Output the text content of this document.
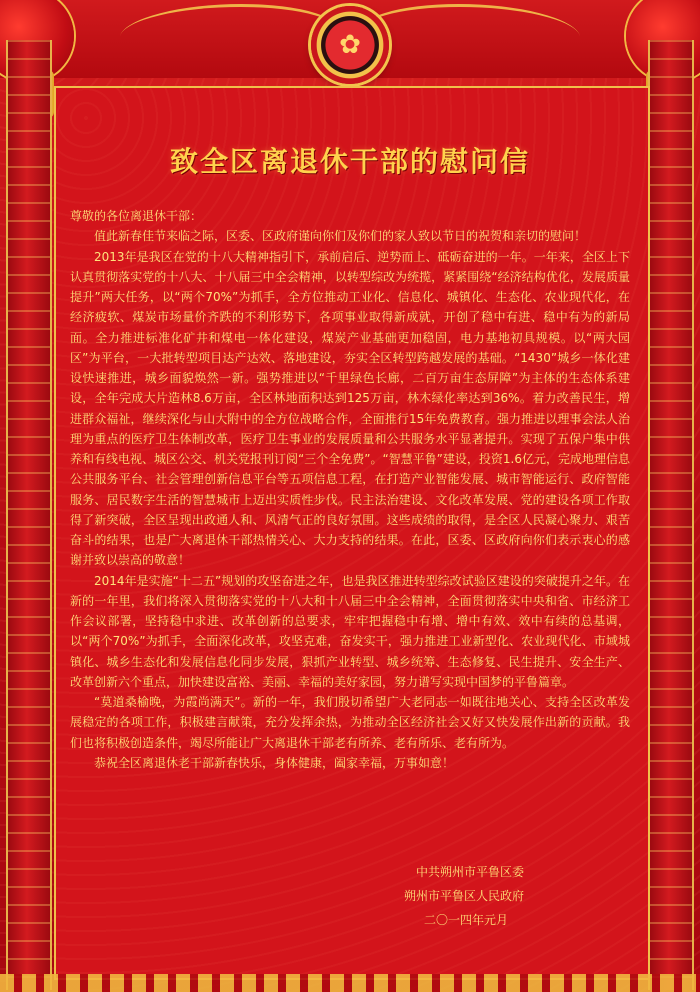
✿
致全区离退休干部的慰问信

尊敬的各位离退休干部：

值此新春佳节来临之际，区委、区政府谨向你们及你们的家人致以节日的祝贺和亲切的慰问！

2013年是我区在党的十八大精神指引下，承前启后、逆势而上、砥砺奋进的一年。一年来，全区上下认真贯彻落实党的十八大、十八届三中全会精神，以转型综改为统揽，紧紧围绕“经济结构优化，发展质量提升”两大任务，以“两个70%”为抓手，全方位推动工业化、信息化、城镇化、生态化、农业现代化，在经济疲软、煤炭市场量价齐跌的不利形势下，各项事业取得新成就，开创了稳中有进、稳中有为的新局面。全力推进标准化矿井和煤电一体化建设，煤炭产业基础更加稳固，电力基地初具规模。以“两大园区”为平台，一大批转型项目达产达效、落地建设，夯实全区转型跨越发展的基础。“1430”城乡一体化建设快速推进，城乡面貌焕然一新。强势推进以“千里绿色长廊，二百万亩生态屏障”为主体的生态体系建设，全年完成大片造林8.6万亩，全区林地面积达到125万亩，林木绿化率达到36%。着力改善民生，增进群众福祉，继续深化与山大附中的全方位战略合作，全面推行15年免费教育。强力推进以理事会法人治理为重点的医疗卫生体制改革，医疗卫生事业的发展质量和公共服务水平显著提升。实现了五保户集中供养和有线电视、城区公交、机关党报刊订阅“三个全免费”。“智慧平鲁”建设，投资1.6亿元，完成地理信息公共服务平台、社会管理创新信息平台等五项信息工程，在打造产业智能发展、城市智能运行、政府智能服务、居民数字生活的智慧城市上迈出实质性步伐。民主法治建设、文化改革发展、党的建设各项工作取得了新突破，全区呈现出政通人和、风清气正的良好氛围。这些成绩的取得，是全区人民凝心聚力、艰苦奋斗的结果，也是广大离退休干部热情关心、大力支持的结果。在此，区委、区政府向你们表示衷心的感谢并致以崇高的敬意！

2014年是实施“十二五”规划的攻坚奋进之年，也是我区推进转型综改试验区建设的突破提升之年。在新的一年里，我们将深入贯彻落实党的十八大和十八届三中全会精神，全面贯彻落实中央和省、市经济工作会议部署，坚持稳中求进、改革创新的总要求，牢牢把握稳中有增、增中有效、效中有续的总基调，以“两个70%”为抓手，全面深化改革，攻坚克难，奋发实干，强力推进工业新型化、农业现代化、市域城镇化、城乡生态化和发展信息化同步发展，狠抓产业转型、城乡统筹、生态修复、民生提升、安全生产、改革创新六个重点，加快建设富裕、美丽、幸福的美好家园，努力谱写实现中国梦的平鲁篇章。

“莫道桑榆晚，为霞尚满天”。新的一年，我们殷切希望广大老同志一如既往地关心、支持全区改革发展稳定的各项工作，积极建言献策，充分发挥余热，为推动全区经济社会又好又快发展作出新的贡献。我们也将积极创造条件，竭尽所能让广大离退休干部老有所养、老有所乐、老有所为。

恭祝全区离退休老干部新春快乐，身体健康，阖家幸福，万事如意！

中共朔州市平鲁区委
朔州市平鲁区人民政府
二〇一四年元月
